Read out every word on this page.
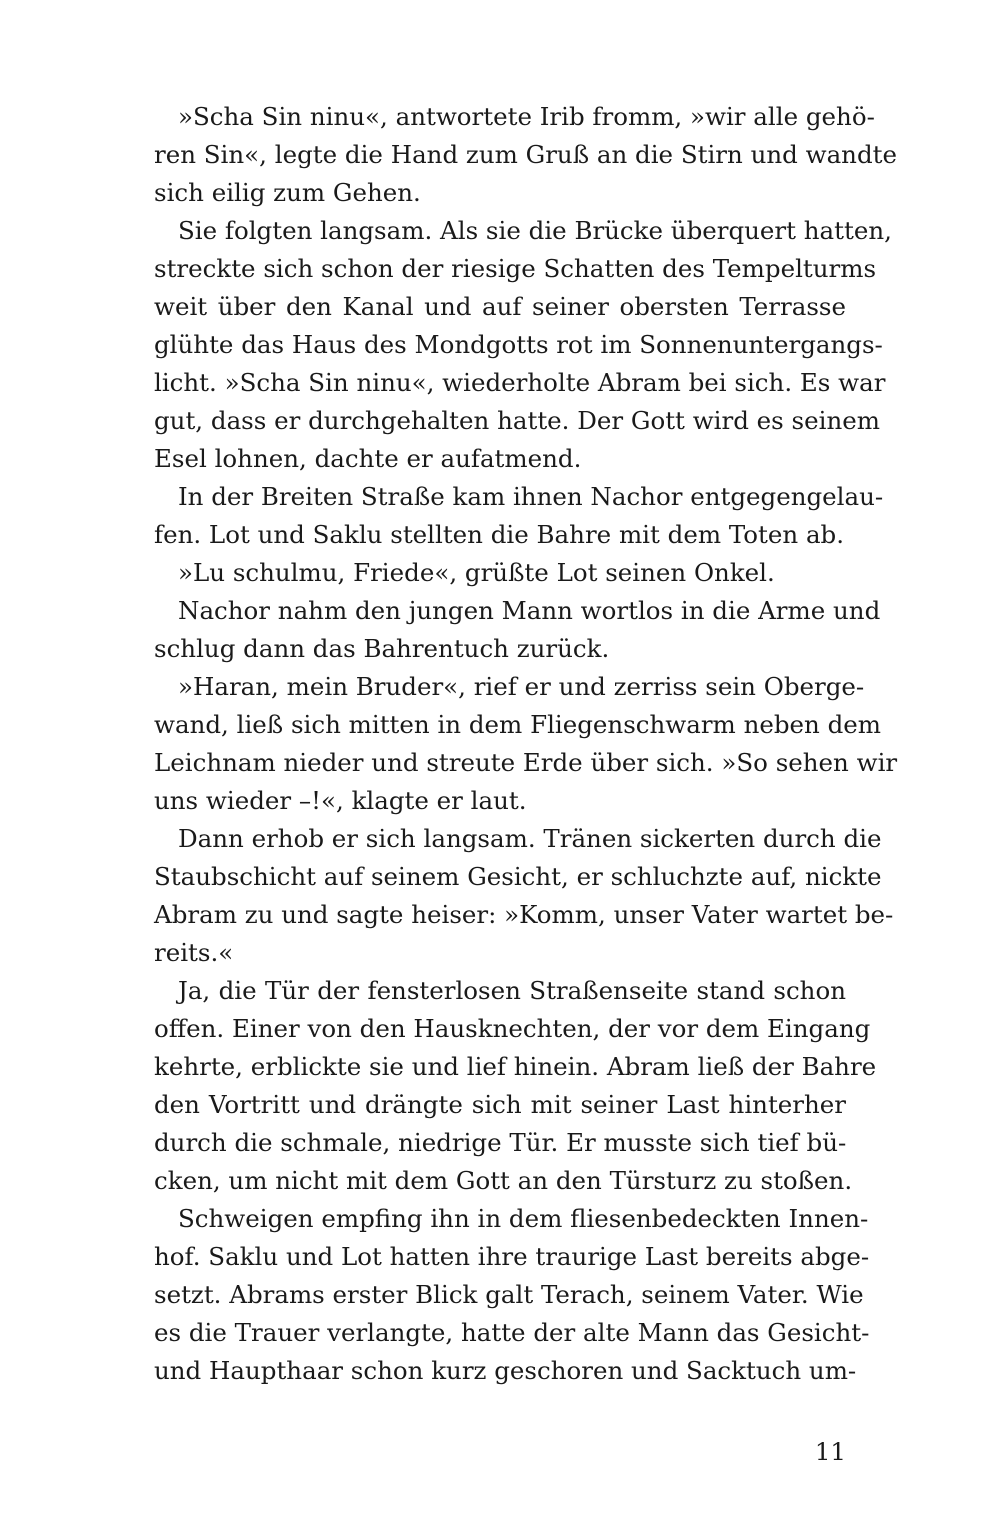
»Scha Sin ninu«, antwortete Irib fromm, »wir alle gehö-
ren Sin«, legte die Hand zum Gruß an die Stirn und wandte
sich eilig zum Gehen.
Sie folgten langsam. Als sie die Brücke überquert hatten,
streckte sich schon der riesige Schatten des Tempelturms
weit über den Kanal und auf seiner obersten Terrasse
glühte das Haus des Mondgotts rot im Sonnenuntergangs-
licht. »Scha Sin ninu«, wiederholte Abram bei sich. Es war
gut, dass er durchgehalten hatte. Der Gott wird es seinem
Esel lohnen, dachte er aufatmend.
In der Breiten Straße kam ihnen Nachor entgegengelau-
fen. Lot und Saklu stellten die Bahre mit dem Toten ab.
»Lu schulmu, Friede«, grüßte Lot seinen Onkel.
Nachor nahm den jungen Mann wortlos in die Arme und
schlug dann das Bahrentuch zurück.
»Haran, mein Bruder«, rief er und zerriss sein Oberge-
wand, ließ sich mitten in dem Fliegenschwarm neben dem
Leichnam nieder und streute Erde über sich. »So sehen wir
uns wieder –!«, klagte er laut.
Dann erhob er sich langsam. Tränen sickerten durch die
Staubschicht auf seinem Gesicht, er schluchzte auf, nickte
Abram zu und sagte heiser: »Komm, unser Vater wartet be-
reits.«
Ja, die Tür der fensterlosen Straßenseite stand schon
offen. Einer von den Hausknechten, der vor dem Eingang
kehrte, erblickte sie und lief hinein. Abram ließ der Bahre
den Vortritt und drängte sich mit seiner Last hinterher
durch die schmale, niedrige Tür. Er musste sich tief bü-
cken, um nicht mit dem Gott an den Türsturz zu stoßen.
Schweigen empfing ihn in dem fliesenbedeckten Innen-
hof. Saklu und Lot hatten ihre traurige Last bereits abge-
setzt. Abrams erster Blick galt Terach, seinem Vater. Wie
es die Trauer verlangte, hatte der alte Mann das Gesicht-
und Haupthaar schon kurz geschoren und Sacktuch um-
11
